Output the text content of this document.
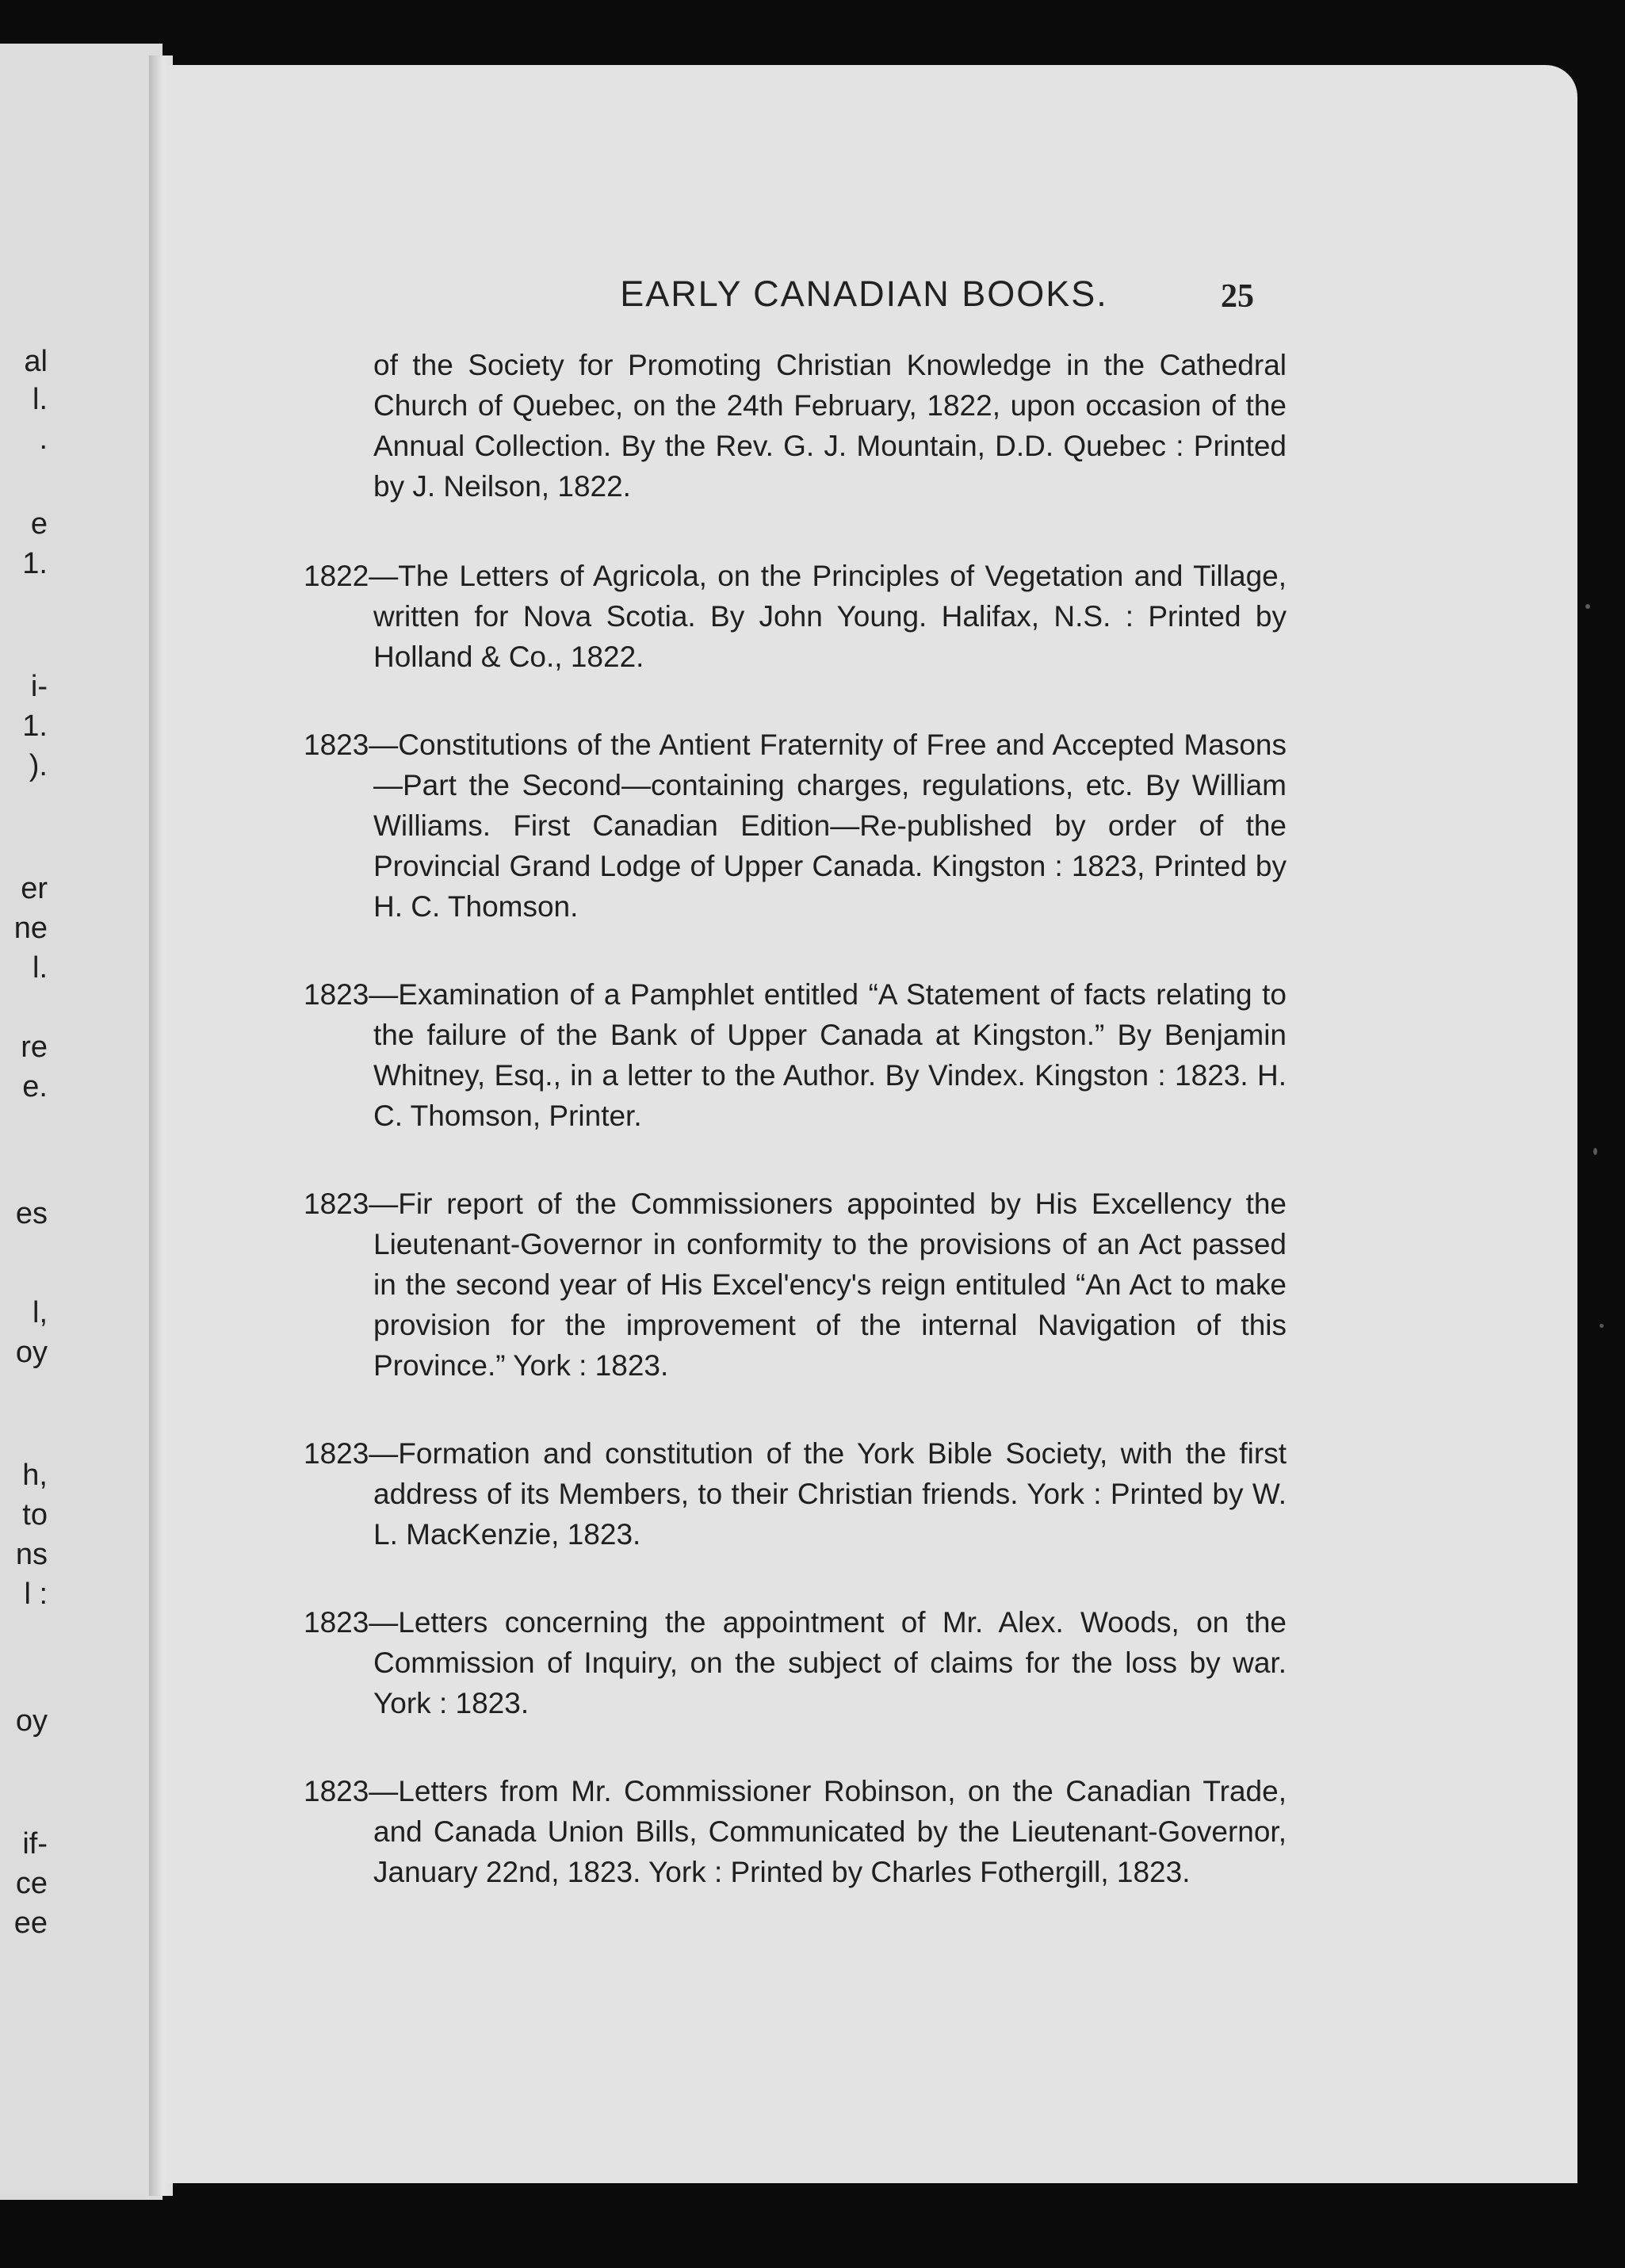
al
l.
.
e
1.
i-
1.
).
er
ne
l.
re
e.
es
l,
oy
h,
to
ns
l :
oy
if-
ce
ee
EARLY CANADIAN BOOKS.	25

of the Society for Promoting Christian Knowledge in the Cathedral Church of Quebec, on the 24th February, 1822, upon occasion of the Annual Collection. By the Rev. G. J. Mountain, D.D. Quebec : Printed by J. Neilson, 1822.

1822—The Letters of Agricola, on the Principles of Vegetation and Tillage, written for Nova Scotia. By John Young. Halifax, N.S. : Printed by Holland & Co., 1822.

1823—Constitutions of the Antient Fraternity of Free and Accepted Masons—Part the Second—containing charges, regulations, etc. By William Williams. First Canadian Edition—Re-published by order of the Provincial Grand Lodge of Upper Canada. Kingston : 1823, Printed by H. C. Thomson.

1823—Examination of a Pamphlet entitled “A Statement of facts relating to the failure of the Bank of Upper Canada at Kingston.” By Benjamin Whitney, Esq., in a letter to the Author. By Vindex. Kingston : 1823. H. C. Thomson, Printer.

1823—Fir report of the Commissioners appointed by His Excellency the Lieutenant-Governor in conformity to the provisions of an Act passed in the second year of His Excel'ency's reign entituled “An Act to make provision for the improvement of the internal Navigation of this Province.” York : 1823.

1823—Formation and constitution of the York Bible Society, with the first address of its Members, to their Christian friends. York : Printed by W. L. MacKenzie, 1823.

1823—Letters concerning the appointment of Mr. Alex. Woods, on the Commission of Inquiry, on the subject of claims for the loss by war. York : 1823.

1823—Letters from Mr. Commissioner Robinson, on the Canadian Trade, and Canada Union Bills, Communicated by the Lieutenant-Governor, January 22nd, 1823. York : Printed by Charles Fothergill, 1823.
